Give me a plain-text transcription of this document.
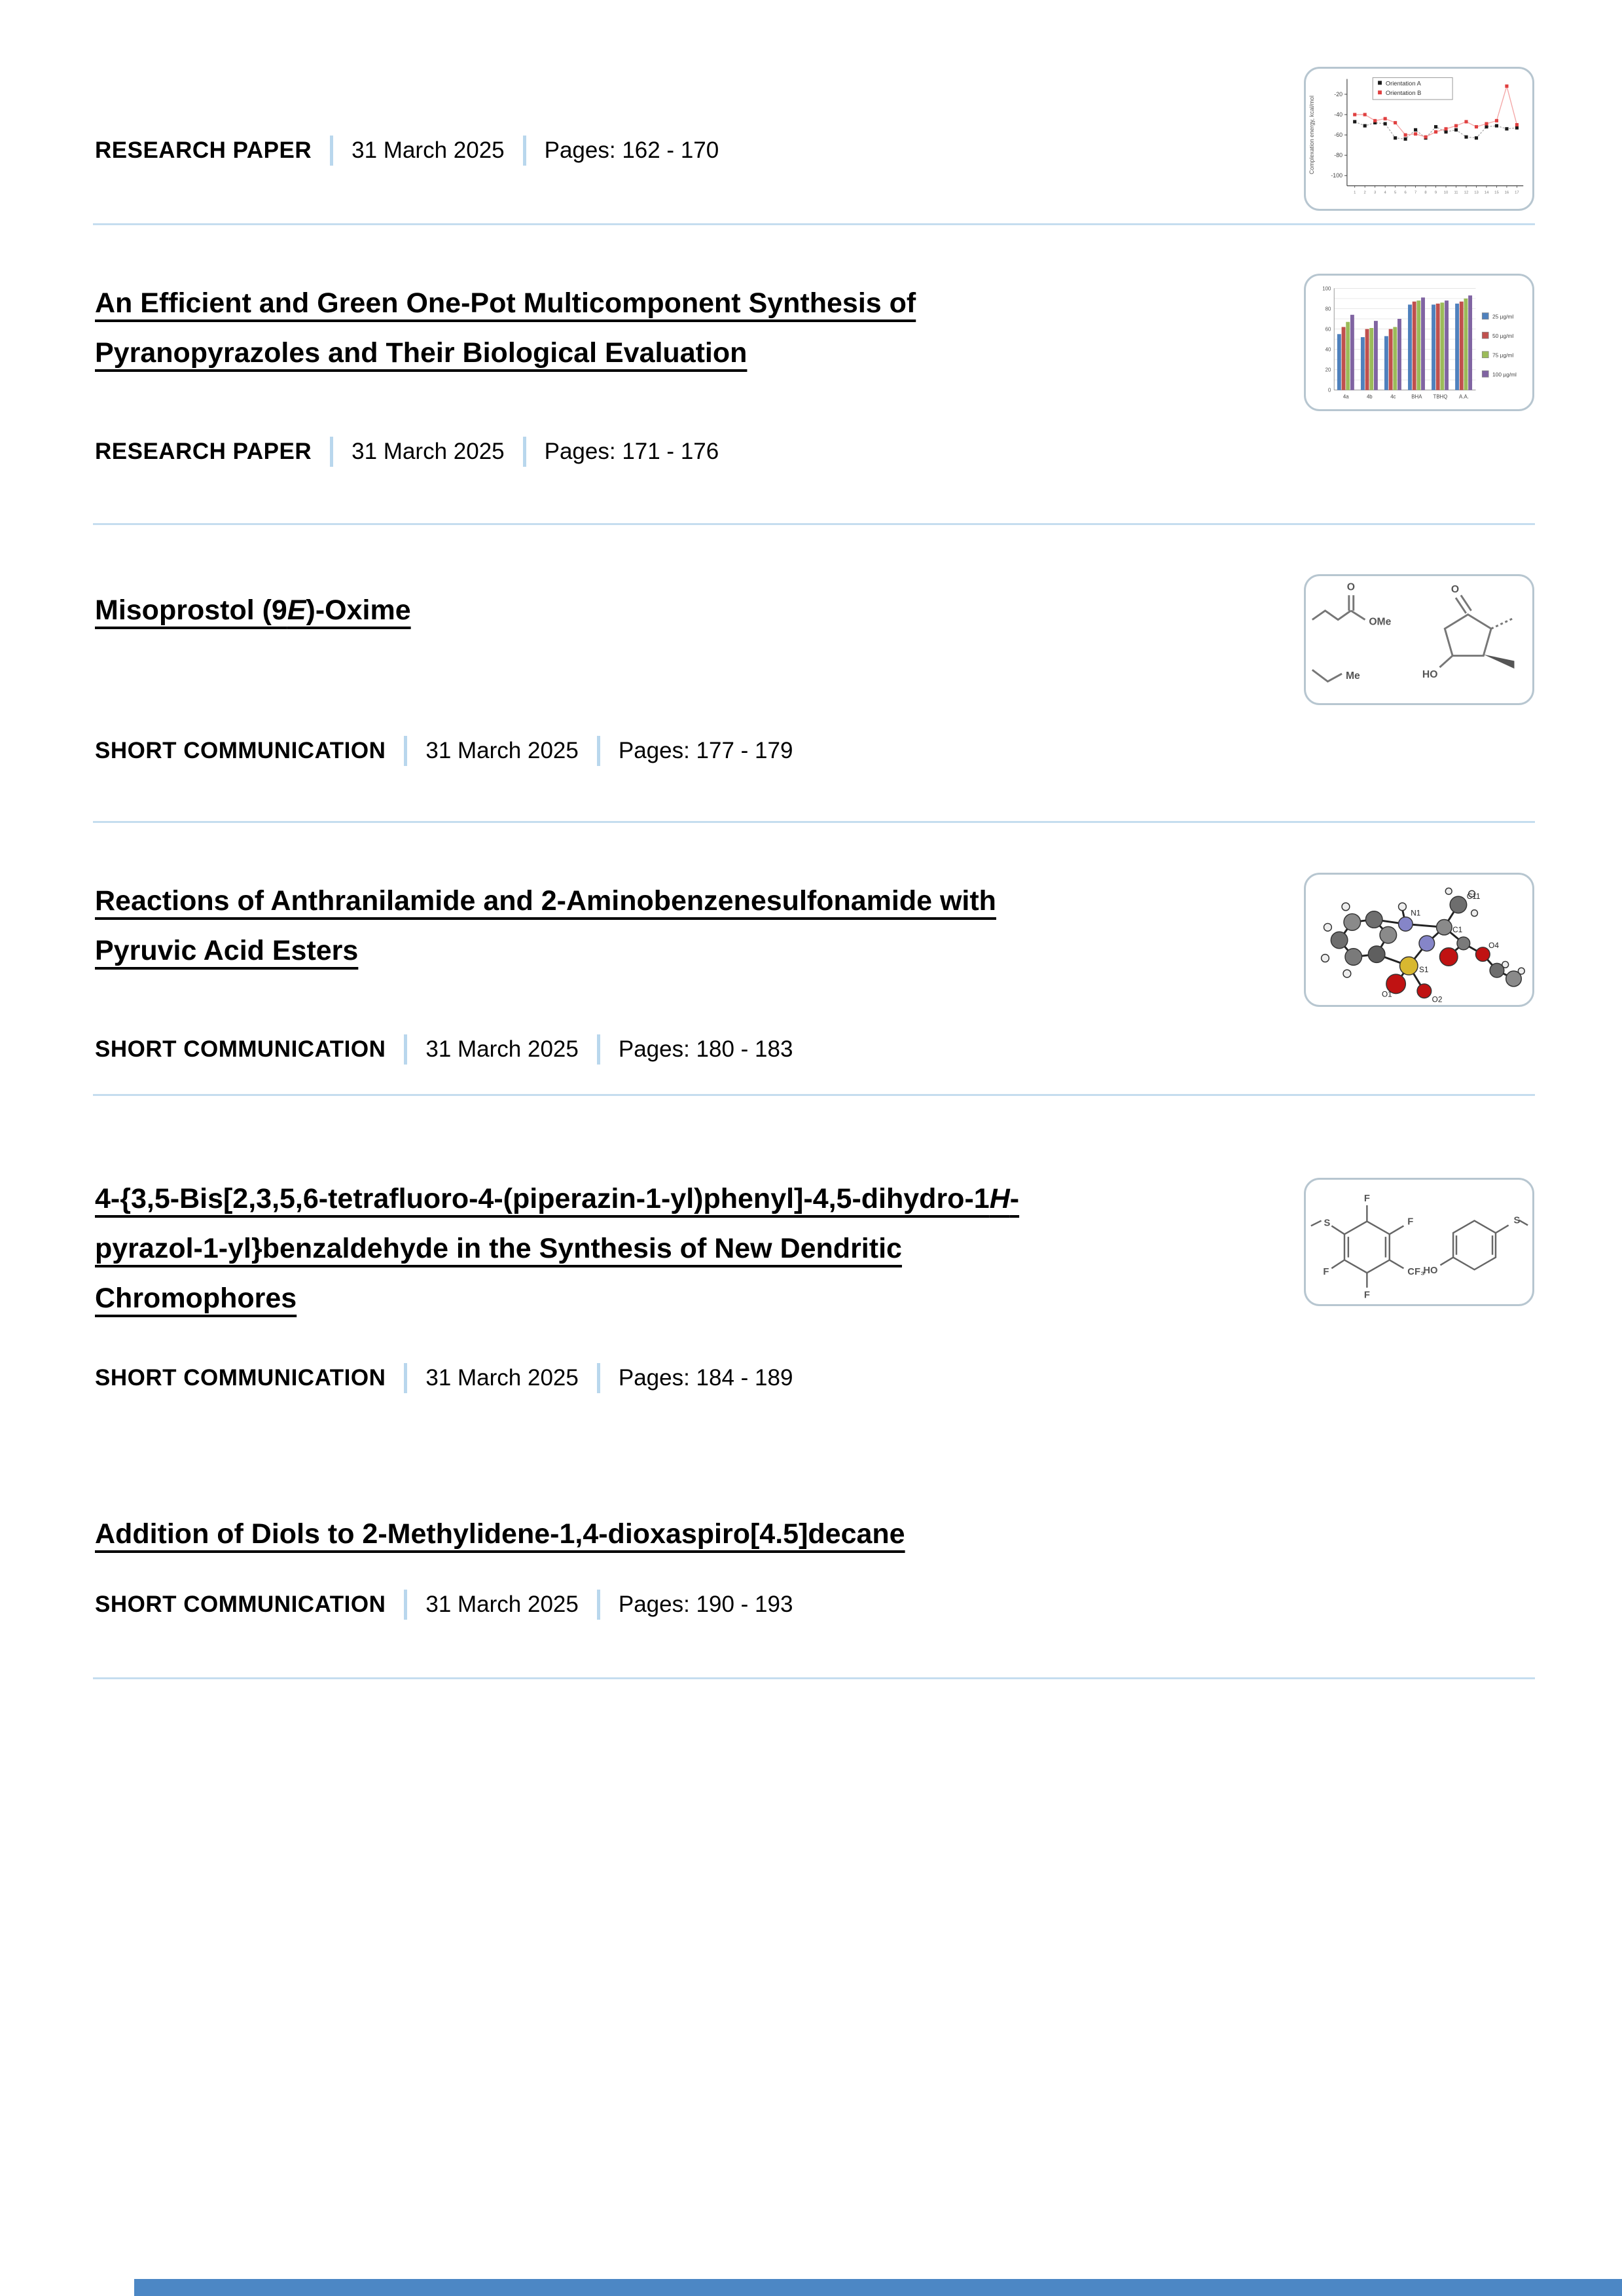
RESEARCH PAPER 31 March 2025 Pages: 162 - 170
-20
-40
-60
-80
-100
1 2 3 4 5 6 7 8 9 10 11 12 13 14 15 16 17
Complexation energy, kcal/mol
Orientation A
Orientation B
An Efficient and Green One-Pot Multicomponent Synthesis of
Pyranopyrazoles and Their Biological Evaluation
0
20
40
60
80
100
4a	4b	4c	BHA TBHQ A.A.
25 µg/ml
50 µg/ml
75 µg/ml
100 µg/ml
RESEARCH PAPER 31 March 2025 Pages: 171 - 176
Misoprostol (9E)-Oxime
O
OMe
Me
O
HO
SHORT COMMUNICATION 31 March 2025 Pages: 177 - 179
Reactions of Anthranilamide and 2-Aminobenzenesulfonamide with
Pyruvic Acid Esters
C11
C1
N1
S1
O1
O2
O4
SHORT COMMUNICATION 31 March 2025 Pages: 180 - 183
4-{3,5-Bis[2,3,5,6-tetrafluoro-4-(piperazin-1-yl)phenyl]-4,5-dihydro-1H-
pyrazol-1-yl}benzaldehyde in the Synthesis of New Dendritic
Chromophores
F
F
F
F
CF₃
S	S
HO
SHORT COMMUNICATION 31 March 2025 Pages: 184 - 189
Addition of Diols to 2-Methylidene-1,4-dioxaspiro[4.5]decane
SHORT COMMUNICATION 31 March 2025 Pages: 190 - 193
